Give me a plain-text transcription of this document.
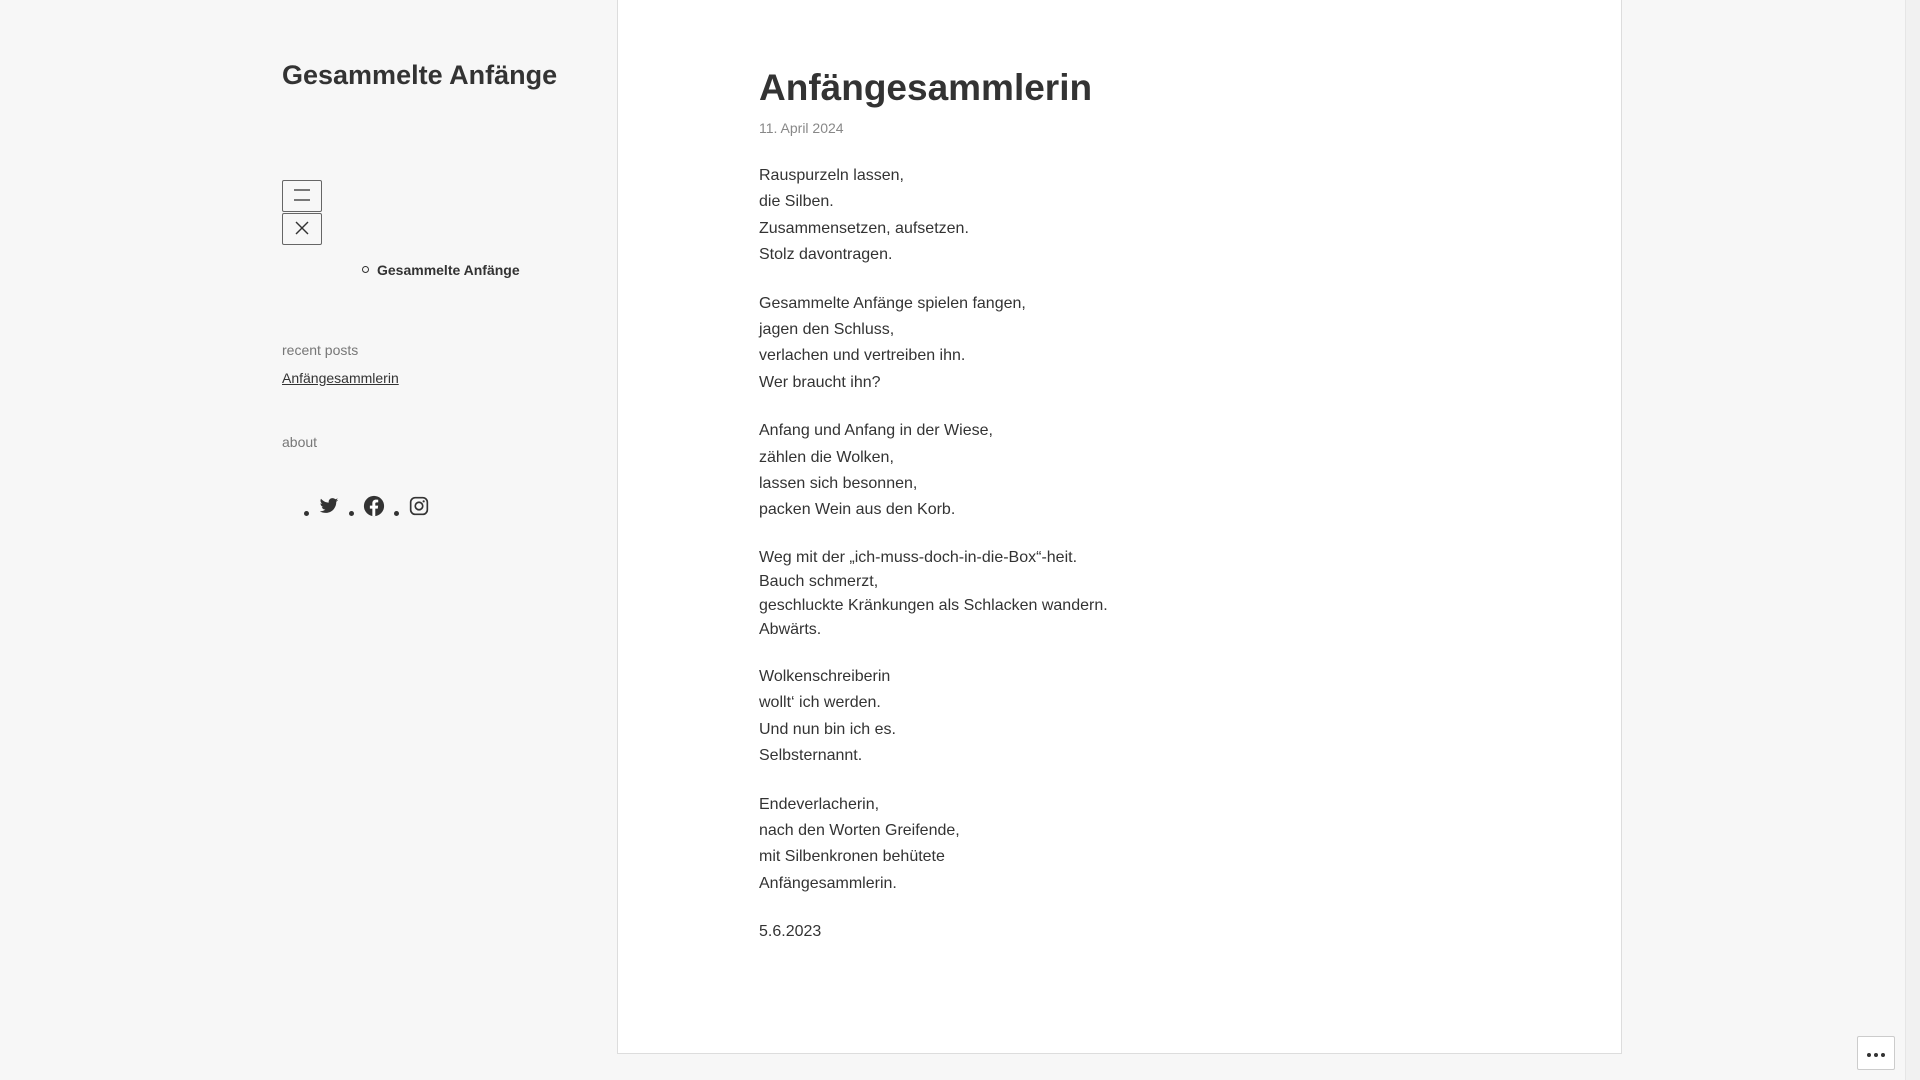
Gesammelte Anfänge
Gesammelte Anfänge
recent posts
Anfängesammlerin
about
Anfängesammlerin
11. April 2024
Rauspurzeln lassen,
die Silben.
Zusammensetzen, aufsetzen.
Stolz davontragen.
Gesammelte Anfänge spielen fangen,
jagen den Schluss,
verlachen und vertreiben ihn.
Wer braucht ihn?
Anfang und Anfang in der Wiese,
zählen die Wolken,
lassen sich besonnen,
packen Wein aus den Korb.
Weg mit der „ich-muss-doch-in-die-Box“-heit.
Bauch schmerzt,
geschluckte Kränkungen als Schlacken wandern.
Abwärts.
Wolkenschreiberin
wollt‘ ich werden.
Und nun bin ich es.
Selbsternannt.
Endeverlacherin,
nach den Worten Greifende,
mit Silbenkronen behütete
Anfängesammlerin.
5.6.2023
